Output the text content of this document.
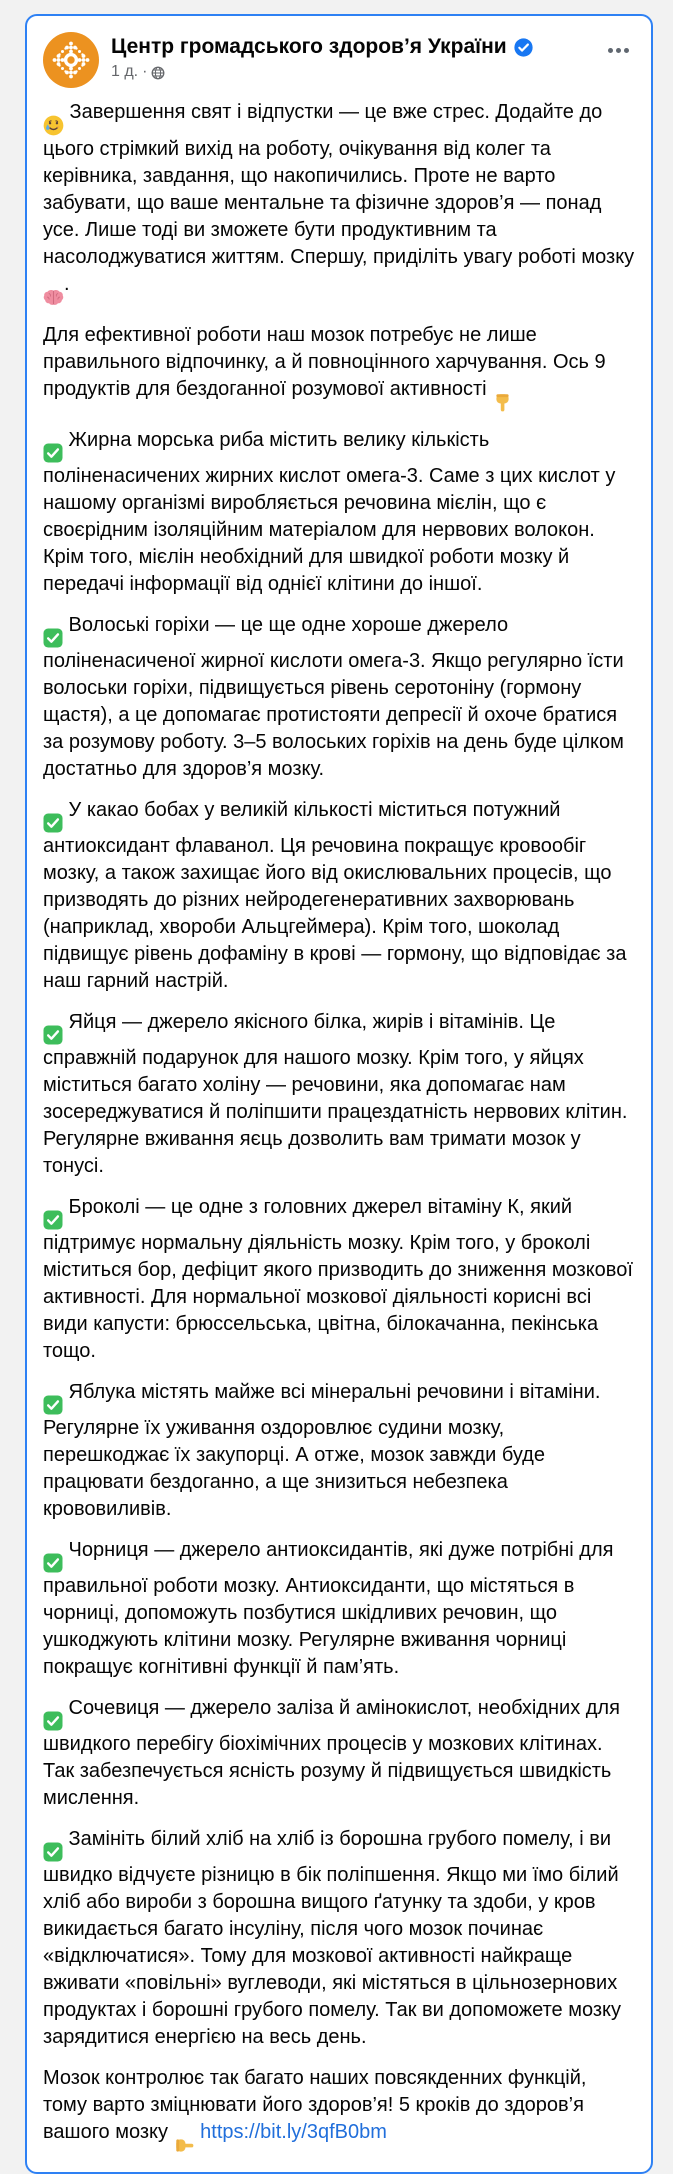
Центр громадського здоров’я України
1 д. ·

Завершення свят і відпустки — це вже стрес. Додайте до цього стрімкий вихід на роботу, очікування від колег та керівника, завдання, що накопичились. Проте не варто забувати, що ваше ментальне та фізичне здоров’я — понад усе. Лише тоді ви зможете бути продуктивним та насолоджуватися життям. Спершу, приділіть увагу роботі мозку .

Для ефективної роботи наш мозок потребує не лише правильного відпочинку, а й повноцінного харчування. Ось 9 продуктів для бездоганної розумової активності

Жирна морська риба містить велику кількість поліненасичених жирних кислот омега-3. Саме з цих кислот у нашому організмі виробляється речовина мієлін, що є своєрідним ізоляційним матеріалом для нервових волокон. Крім того, мієлін необхідний для швидкої роботи мозку й передачі інформації від однієї клітини до іншої.

Волоські горіхи — це ще одне хороше джерело поліненасиченої жирної кислоти омега-3. Якщо регулярно їсти волоськи горіхи, підвищується рівень серотоніну (гормону щастя), а це допомагає протистояти депресії й охоче братися за розумову роботу. 3–5 волоських горіхів на день буде цілком достатньо для здоров’я мозку.

У какао бобах у великій кількості міститься потужний антиоксидант флаванол. Ця речовина покращує кровообіг мозку, а також захищає його від окислювальних процесів, що призводять до різних нейродегенеративних захворювань (наприклад, хвороби Альцгеймера). Крім того, шоколад підвищує рівень дофаміну в крові — гормону, що відповідає за наш гарний настрій.

Яйця — джерело якісного білка, жирів і вітамінів. Це справжній подарунок для нашого мозку. Крім того, у яйцях міститься багато холіну — речовини, яка допомагає нам зосереджуватися й поліпшити працездатність нервових клітин. Регулярне вживання яєць дозволить вам тримати мозок у тонусі.

Броколі — це одне з головних джерел вітаміну К, який підтримує нормальну діяльність мозку. Крім того, у броколі міститься бор, дефіцит якого призводить до зниження мозкової активності. Для нормальної мозкової діяльності корисні всі види капусти: брюссельська, цвітна, білокачанна, пекінська тощо.

Яблука містять майже всі мінеральні речовини і вітаміни. Регулярне їх уживання оздоровлює судини мозку, перешкоджає їх закупорці. А отже, мозок завжди буде працювати бездоганно, а ще знизиться небезпека крововиливів.

Чорниця — джерело антиоксидантів, які дуже потрібні для правильної роботи мозку. Антиоксиданти, що містяться в чорниці, допоможуть позбутися шкідливих речовин, що ушкоджують клітини мозку. Регулярне вживання чорниці покращує когнітивні функції й пам’ять.

Сочевиця — джерело заліза й амінокислот, необхідних для швидкого перебігу біохімічних процесів у мозкових клітинах. Так забезпечується ясність розуму й підвищується швидкість мислення.

Замініть білий хліб на хліб із борошна грубого помелу, і ви швидко відчуєте різницю в бік поліпшення. Якщо ми їмо білий хліб або вироби з борошна вищого ґатунку та здоби, у кров викидається багато інсуліну, після чого мозок починає «відключатися». Тому для мозкової активності найкраще вживати «повільні» вуглеводи, які містяться в цільнозернових продуктах і борошні грубого помелу. Так ви допоможете мозку зарядитися енергією на весь день.

Мозок контролює так багато наших повсякденних функцій, тому варто зміцнювати його здоров’я! 5 кроків до здоров’я вашого мозку  https://bit.ly/3qfB0bm
